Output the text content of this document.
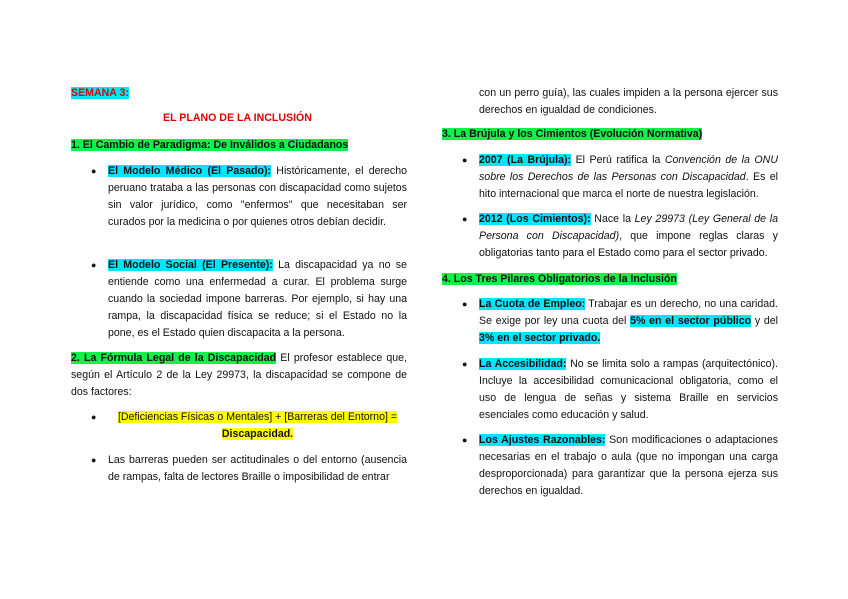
SEMANA 3:
EL PLANO DE LA INCLUSIÓN
1. El Cambio de Paradigma: De Inválidos a Ciudadanos
● El Modelo Médico (El Pasado): Históricamente, el derecho peruano trataba a las personas con discapacidad como sujetos sin valor jurídico, como "enfermos" que necesitaban ser curados por la medicina o por quienes otros debían decidir.
● El Modelo Social (El Presente): La discapacidad ya no se entiende como una enfermedad a curar. El problema surge cuando la sociedad impone barreras. Por ejemplo, si hay una rampa, la discapacidad física se reduce; si el Estado no la pone, es el Estado quien discapacita a la persona.
2. La Fórmula Legal de la Discapacidad El profesor establece que, según el Artículo 2 de la Ley 29973, la discapacidad se compone de dos factores:
● [Deficiencias Físicas o Mentales] + [Barreras del Entorno] =
Discapacidad.
● Las barreras pueden ser actitudinales o del entorno (ausencia de rampas, falta de lectores Braille o imposibilidad de entrar
con un perro guía), las cuales impiden a la persona ejercer sus derechos en igualdad de condiciones.
3. La Brújula y los Cimientos (Evolución Normativa)
● 2007 (La Brújula): El Perú ratifica la Convención de la ONU sobre los Derechos de las Personas con Discapacidad. Es el hito internacional que marca el norte de nuestra legislación.
● 2012 (Los Cimientos): Nace la Ley 29973 (Ley General de la Persona con Discapacidad), que impone reglas claras y obligatorias tanto para el Estado como para el sector privado.
4. Los Tres Pilares Obligatorios de la Inclusión
● La Cuota de Empleo: Trabajar es un derecho, no una caridad. Se exige por ley una cuota del 5% en el sector público y del 3% en el sector privado.
● La Accesibilidad: No se limita solo a rampas (arquitectónico). Incluye la accesibilidad comunicacional obligatoria, como el uso de lengua de señas y sistema Braille en servicios esenciales como educación y salud.
● Los Ajustes Razonables: Son modificaciones o adaptaciones necesarias en el trabajo o aula (que no impongan una carga desproporcionada) para garantizar que la persona ejerza sus derechos en igualdad.
